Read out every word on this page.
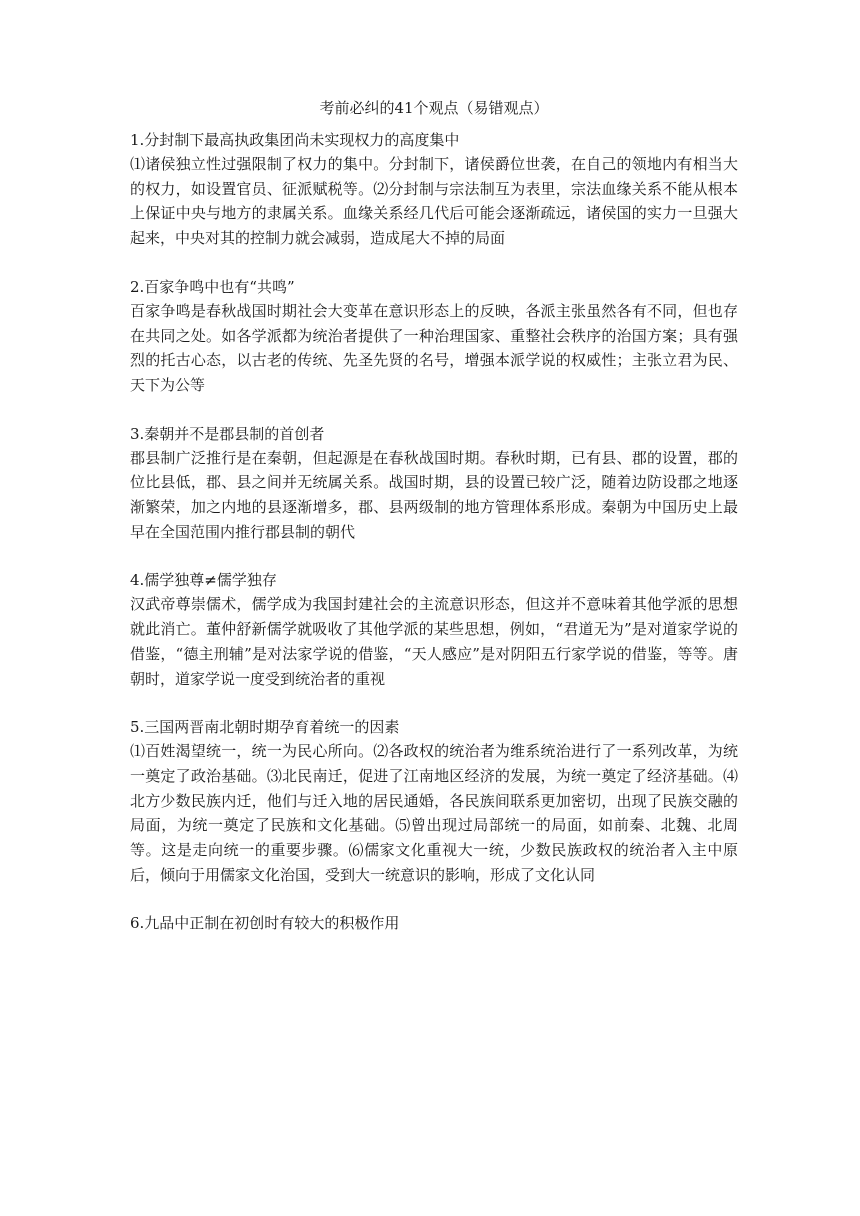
考前必纠的41个观点（易错观点）

1.分封制下最高执政集团尚未实现权力的高度集中

⑴诸侯独立性过强限制了权力的集中。分封制下，诸侯爵位世袭，在自己的领地内有相当大的权力，如设置官员、征派赋税等。⑵分封制与宗法制互为表里，宗法血缘关系不能从根本上保证中央与地方的隶属关系。血缘关系经几代后可能会逐渐疏远，诸侯国的实力一旦强大起来，中央对其的控制力就会减弱，造成尾大不掉的局面

2.百家争鸣中也有“共鸣”

百家争鸣是春秋战国时期社会大变革在意识形态上的反映，各派主张虽然各有不同，但也存在共同之处。如各学派都为统治者提供了一种治理国家、重整社会秩序的治国方案；具有强烈的托古心态，以古老的传统、先圣先贤的名号，增强本派学说的权威性；主张立君为民、天下为公等

3.秦朝并不是郡县制的首创者

郡县制广泛推行是在秦朝，但起源是在春秋战国时期。春秋时期，已有县、郡的设置，郡的位比县低，郡、县之间并无统属关系。战国时期，县的设置已较广泛，随着边防设郡之地逐渐繁荣，加之内地的县逐渐增多，郡、县两级制的地方管理体系形成。秦朝为中国历史上最早在全国范围内推行郡县制的朝代

4.儒学独尊≠儒学独存

汉武帝尊崇儒术，儒学成为我国封建社会的主流意识形态，但这并不意味着其他学派的思想就此消亡。董仲舒新儒学就吸收了其他学派的某些思想，例如，“君道无为”是对道家学说的借鉴，“德主刑辅”是对法家学说的借鉴，“天人感应”是对阴阳五行家学说的借鉴，等等。唐朝时，道家学说一度受到统治者的重视

5.三国两晋南北朝时期孕育着统一的因素

⑴百姓渴望统一，统一为民心所向。⑵各政权的统治者为维系统治进行了一系列改革，为统一奠定了政治基础。⑶北民南迁，促进了江南地区经济的发展，为统一奠定了经济基础。⑷北方少数民族内迁，他们与迁入地的居民通婚，各民族间联系更加密切，出现了民族交融的局面，为统一奠定了民族和文化基础。⑸曾出现过局部统一的局面，如前秦、北魏、北周等。这是走向统一的重要步骤。⑹儒家文化重视大一统，少数民族政权的统治者入主中原后，倾向于用儒家文化治国，受到大一统意识的影响，形成了文化认同

6.九品中正制在初创时有较大的积极作用
